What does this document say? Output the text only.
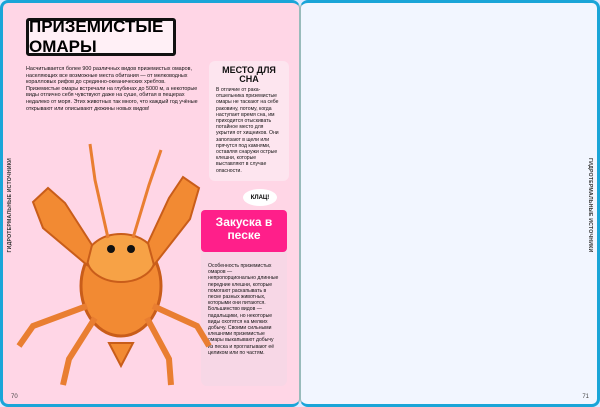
ГИДРОТЕРМАЛЬНЫЕ ИСТОЧНИКИ
ПРИЗЕМИСТЫЕ ОМАРЫ
Насчитывается более 900 различных видов приземистых омаров, населяющих все возможные места обитания — от мелководных коралловых рифов до срединно-океанических хребтов. Приземистые омары встречали на глубинах до 5000 м, а некоторые виды отлично себя чувствуют даже на суше, обитая в пещерах недалеко от моря. Этих животных так много, что каждый год учёные открывают или описывают дюжины новых видов!
МЕСТО ДЛЯ СНА

В отличие от рака-отшельника приземистые омары не таскают на себе раковину, потому, когда наступает время сна, им приходится отыскивать потайное место для укрытия от хищников. Они заползают в щели или прячутся под камнями, оставляя снаружи острые клешни, которые выставляют в случае опасности.

КЛАЦ!
Закуска в песке
Особенность приземистых омаров — непропорционально длинные передние клешни, которые помогают раскапывать в песке разных животных, которыми они питаются. Большинство видов — падальщики, но некоторые виды охотятся на мелких добычу. Своими сильными клешнями приземистые омары выкапывают добычу из песка и проглатывают её целиком или по частям.
70
ГИДРОТЕРМАЛЬНЫЕ ИСТОЧНИКИ

71
